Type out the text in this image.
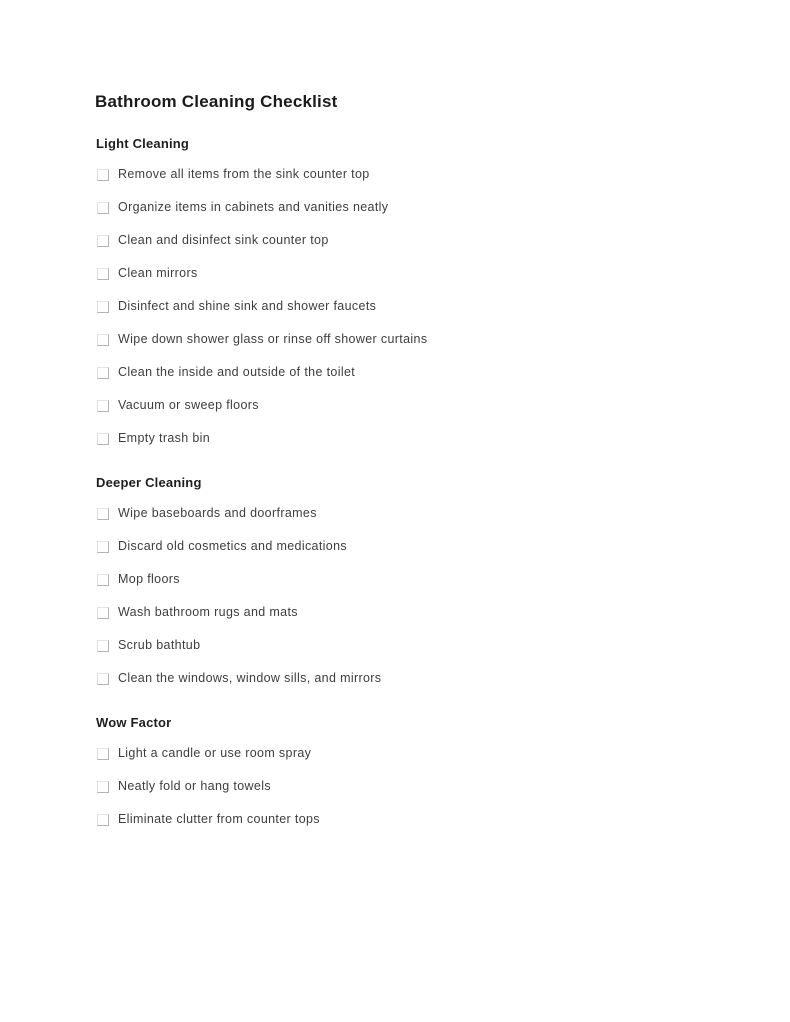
Bathroom Cleaning Checklist
Light Cleaning
Remove all items from the sink counter top
Organize items in cabinets and vanities neatly
Clean and disinfect sink counter top
Clean mirrors
Disinfect and shine sink and shower faucets
Wipe down shower glass or rinse off shower curtains
Clean the inside and outside of the toilet
Vacuum or sweep floors
Empty trash bin
Deeper Cleaning
Wipe baseboards and doorframes
Discard old cosmetics and medications
Mop floors
Wash bathroom rugs and mats
Scrub bathtub
Clean the windows, window sills, and mirrors
Wow Factor
Light a candle or use room spray
Neatly fold or hang towels
Eliminate clutter from counter tops
